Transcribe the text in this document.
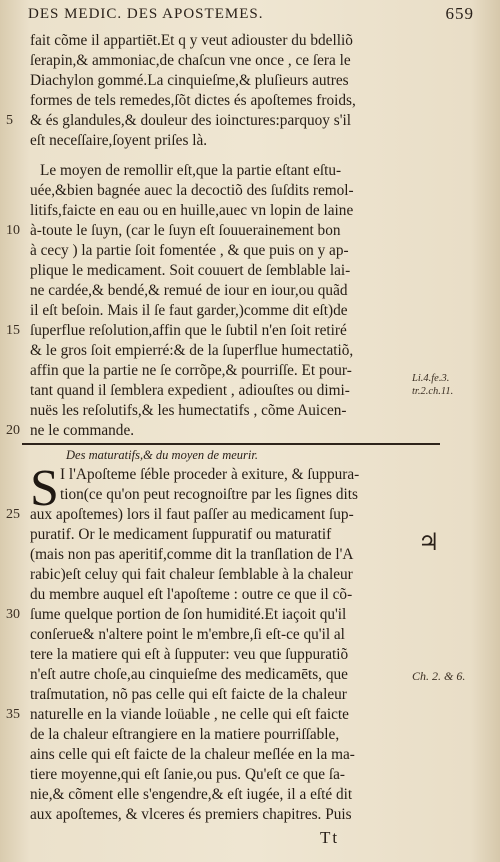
DES MEDIC. DES APOSTEMES.	659
fait cõme il appartiēt.Et q y veut adiouster du bdelliõ
ſerapin,& ammoniac,de chaſcun vne once , ce ſera le
Diachylon gommé.La cinquieſme,& pluſieurs autres
formes de tels remedes,ſõt dictes és apoſtemes froids,
& és glandules,& douleur des ioinctures:parquoy s'il
eſt neceſſaire,ſoyent priſes là.
Le moyen de remollir eſt,que la partie eſtant eſtu-
uée,&bien bagnée auec la decoctiõ des ſuſdits remol-
litifs,faicte en eau ou en huille,auec vn lopin de laine
à-toute le ſuyn, (car le ſuyn eſt ſouuerainement bon
à cecy ) la partie ſoit fomentée , & que puis on y ap-
plique le medicament. Soit couuert de ſemblable lai-
ne cardée,& bendé,& remué de iour en iour,ou quãd
il eſt beſoin. Mais il ſe faut garder,)comme dit eſt)de
ſuperflue reſolution,affin que le ſubtil n'en ſoit retiré
& le gros ſoit empierré:& de la ſuperflue humectatiõ,
affin que la partie ne ſe corrõpe,& pourriſſe. Et pour-
tant quand il ſemblera expedient , adiouſtes ou dimi-
nuës les reſolutifs,& les humectatifs , cõme Auicen-
ne le commande.
Li.4.fe.3.
tr.2.ch.11.
Des maturatifs,& du moyen de meurir.
S I l'Apoſteme ſéble proceder à exiture, & ſuppura-
tion(ce qu'on peut recognoiſtre par les ſignes dits
aux apoſtemes) lors il faut paſſer au medicament ſup-
puratif. Or le medicament ſuppuratif ou maturatif
(mais non pas aperitif,comme dit la tranſlation de l'A
rabic)eſt celuy qui fait chaleur ſemblable à la chaleur
du membre auquel eſt l'apoſteme : outre ce que il cõ-
ſume quelque portion de ſon humidité.Et iaçoit qu'il
conſerue& n'altere point le m'embre,ſi eſt-ce qu'il al
tere la matiere qui eſt à ſupputer: veu que ſuppuratiõ
n'eſt autre choſe,au cinquieſme des medicamēts, que
traſmutation, nõ pas celle qui eſt faicte de la chaleur
naturelle en la viande loüable , ne celle qui eſt faicte
de la chaleur eſtrangiere en la matiere pourriſſable,
ains celle qui eſt faicte de la chaleur meſlée en la ma-
tiere moyenne,qui eſt ſanie,ou pus. Qu'eſt ce que ſa-
nie,& cõment elle s'engendre,& eſt iugée, il a eſté dit
aux apoſtemes, & vlceres és premiers chapitres. Puis
♃
Ch. 2. & 6.
5
10
15
20
25
30
35
Tt
